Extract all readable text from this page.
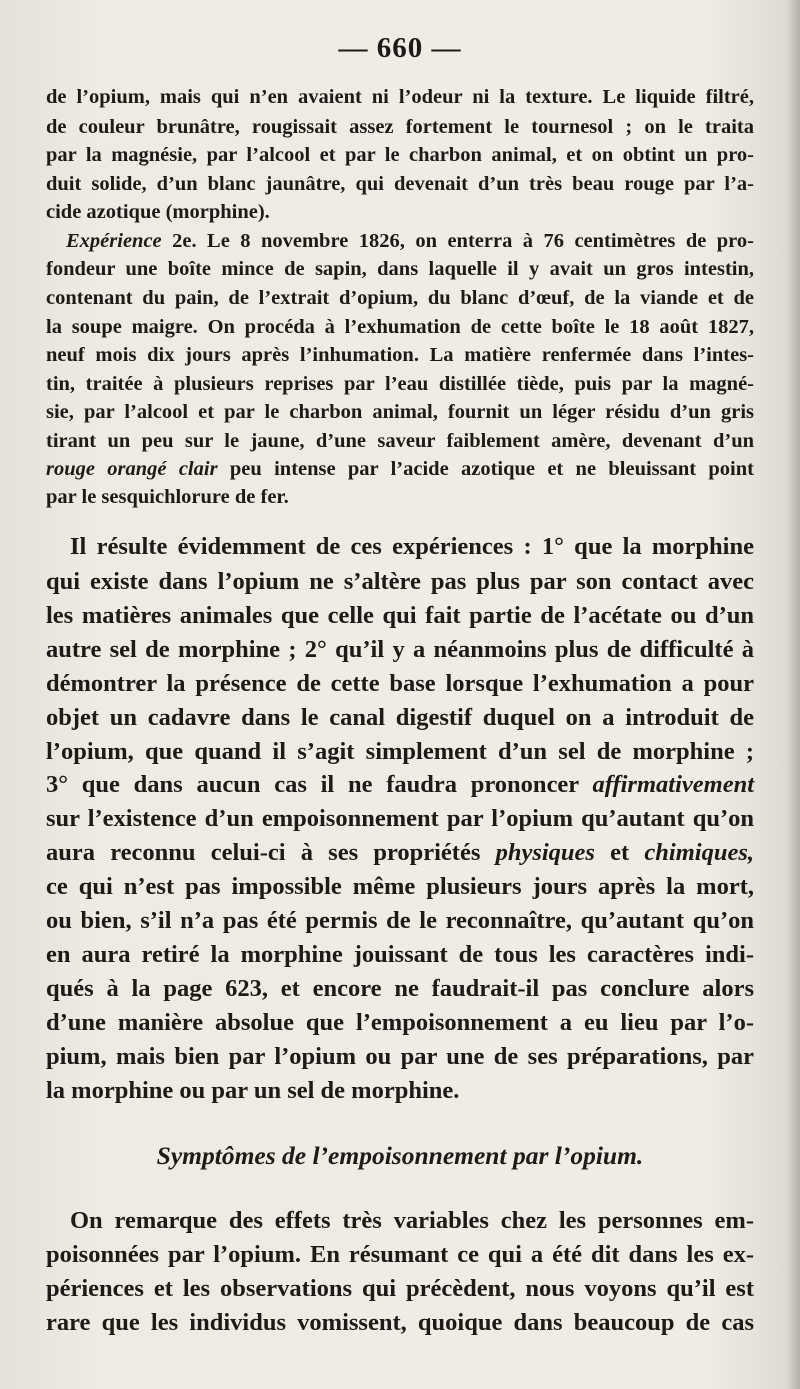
— 660 —
de l’opium, mais qui n’en avaient ni l’odeur ni la texture. Le liquide filtré,
de couleur brunâtre, rougissait assez fortement le tournesol ; on le traita
par la magnésie, par l’alcool et par le charbon animal, et on obtint un pro-
duit solide, d’un blanc jaunâtre, qui devenait d’un très beau rouge par l’a-
cide azotique (morphine).
Expérience 2e. Le 8 novembre 1826, on enterra à 76 centimètres de pro-
fondeur une boîte mince de sapin, dans laquelle il y avait un gros intestin,
contenant du pain, de l’extrait d’opium, du blanc d’œuf, de la viande et de
la soupe maigre. On procéda à l’exhumation de cette boîte le 18 août 1827,
neuf mois dix jours après l’inhumation. La matière renfermée dans l’intes-
tin, traitée à plusieurs reprises par l’eau distillée tiède, puis par la magné-
sie, par l’alcool et par le charbon animal, fournit un léger résidu d’un gris
tirant un peu sur le jaune, d’une saveur faiblement amère, devenant d’un
rouge orangé clair peu intense par l’acide azotique et ne bleuissant point
par le sesquichlorure de fer.
Il résulte évidemment de ces expériences : 1° que la morphine
qui existe dans l’opium ne s’altère pas plus par son contact avec
les matières animales que celle qui fait partie de l’acétate ou d’un
autre sel de morphine ; 2° qu’il y a néanmoins plus de difficulté à
démontrer la présence de cette base lorsque l’exhumation a pour
objet un cadavre dans le canal digestif duquel on a introduit de
l’opium, que quand il s’agit simplement d’un sel de morphine ;
3° que dans aucun cas il ne faudra prononcer affirmativement
sur l’existence d’un empoisonnement par l’opium qu’autant qu’on
aura reconnu celui-ci à ses propriétés physiques et chimiques,
ce qui n’est pas impossible même plusieurs jours après la mort,
ou bien, s’il n’a pas été permis de le reconnaître, qu’autant qu’on
en aura retiré la morphine jouissant de tous les caractères indi-
qués à la page 623, et encore ne faudrait-il pas conclure alors
d’une manière absolue que l’empoisonnement a eu lieu par l’o-
pium, mais bien par l’opium ou par une de ses préparations, par
la morphine ou par un sel de morphine.
Symptômes de l’empoisonnement par l’opium.
On remarque des effets très variables chez les personnes em-
poisonnées par l’opium. En résumant ce qui a été dit dans les ex-
périences et les observations qui précèdent, nous voyons qu’il est
rare que les individus vomissent, quoique dans beaucoup de cas
